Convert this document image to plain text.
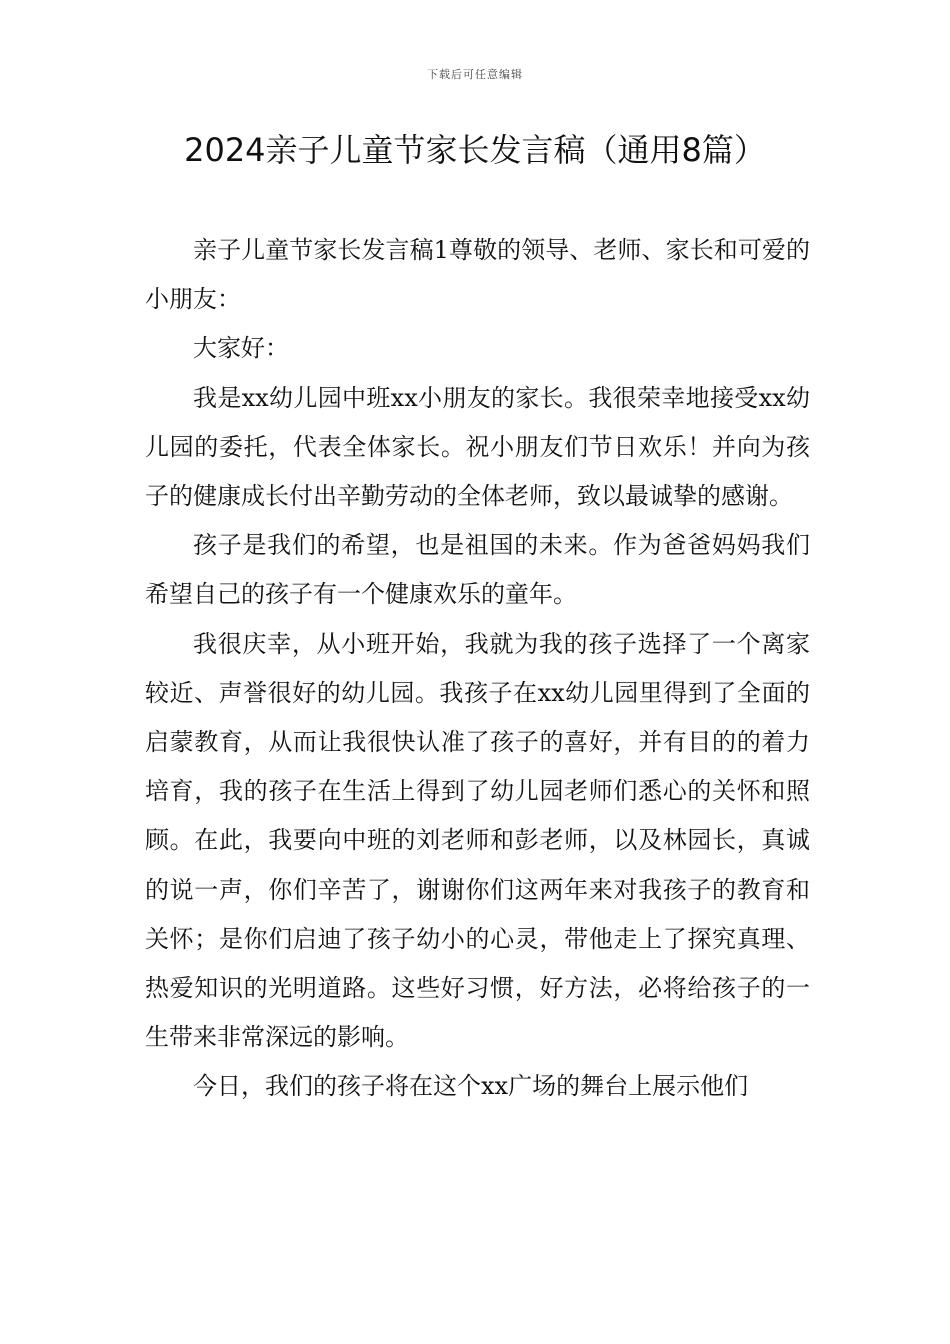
下载后可任意编辑
2024亲子儿童节家长发言稿（通用8篇）

亲子儿童节家长发言稿1尊敬的领导、老师、家长和可爱的小朋友：

大家好：

我是xx幼儿园中班xx小朋友的家长。我很荣幸地接受xx幼儿园的委托，代表全体家长。祝小朋友们节日欢乐！并向为孩子的健康成长付出辛勤劳动的全体老师，致以最诚挚的感谢。

孩子是我们的希望，也是祖国的未来。作为爸爸妈妈我们希望自己的孩子有一个健康欢乐的童年。

我很庆幸，从小班开始，我就为我的孩子选择了一个离家较近、声誉很好的幼儿园。我孩子在xx幼儿园里得到了全面的启蒙教育，从而让我很快认准了孩子的喜好，并有目的的着力培育，我的孩子在生活上得到了幼儿园老师们悉心的关怀和照顾。在此，我要向中班的刘老师和彭老师，以及林园长，真诚的说一声，你们辛苦了，谢谢你们这两年来对我孩子的教育和关怀；是你们启迪了孩子幼小的心灵，带他走上了探究真理、热爱知识的光明道路。这些好习惯，好方法，必将给孩子的一生带来非常深远的影响。

今日，我们的孩子将在这个xx广场的舞台上展示他们
